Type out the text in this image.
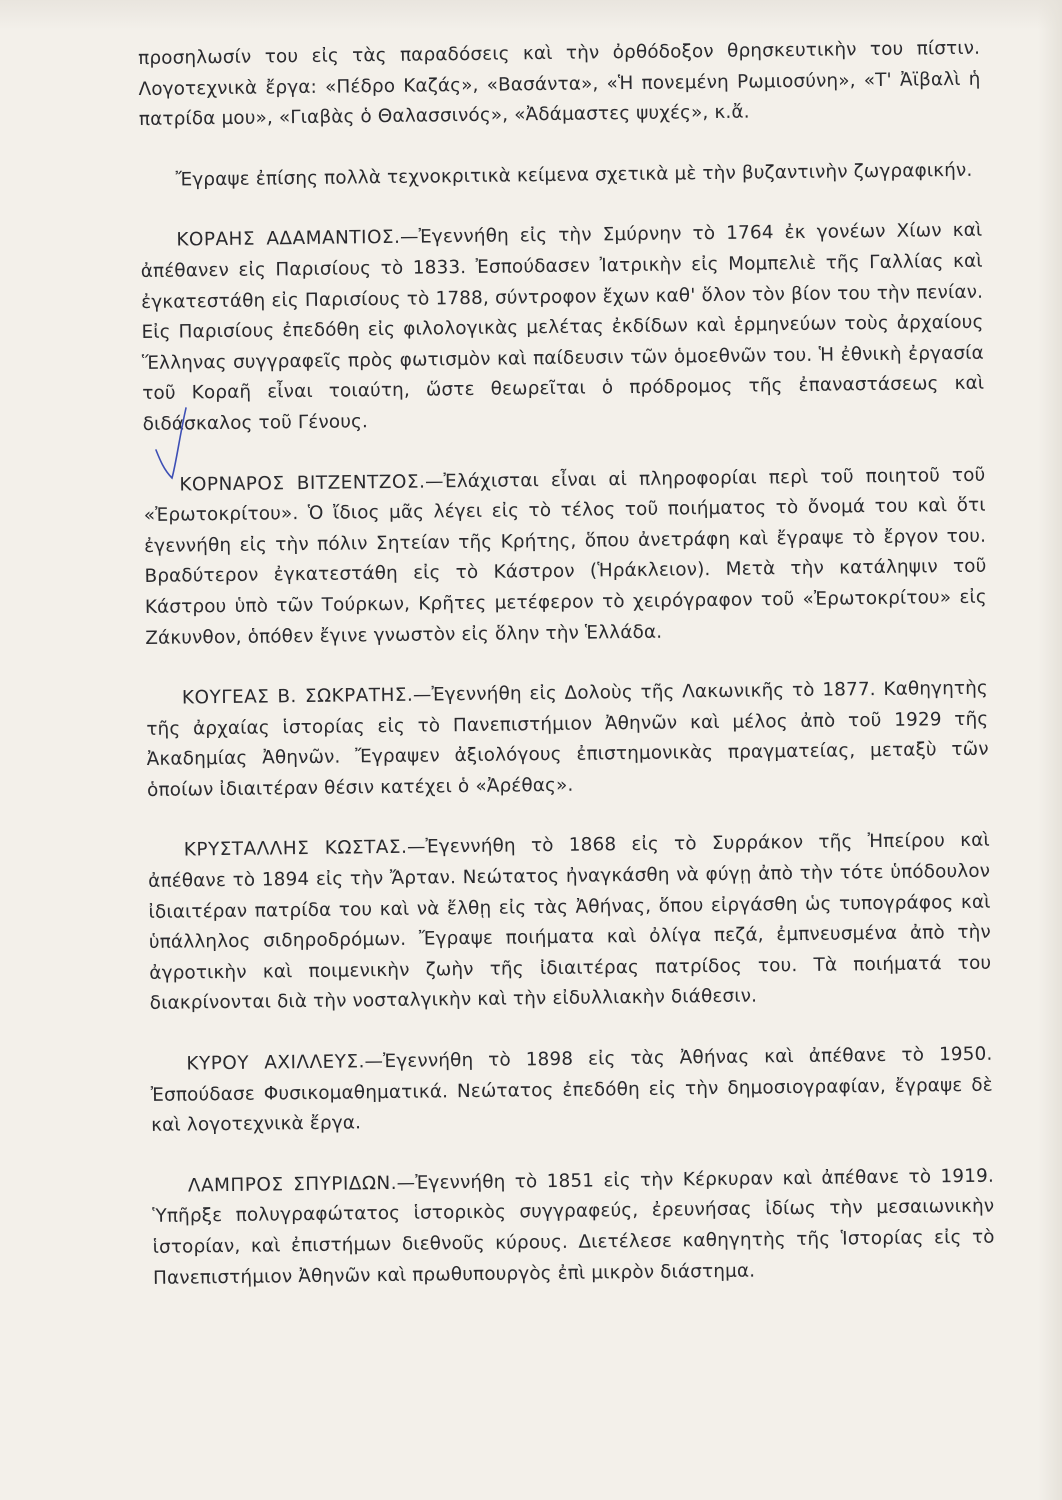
προσηλωσίν του εἰς τὰς παραδόσεις καὶ τὴν ὀρθόδοξον θρησκευτικὴν του πίστιν. Λογοτεχνικὰ ἔργα: «Πέδρο Καζάς», «Βασάντα», «Ἡ πονεμένη Ρωμιοσύνη», «Τ' Ἀϊβαλὶ ἡ πατρίδα μου», «Γιαβὰς ὁ Θαλασσινός», «Ἀδάμαστες ψυχές», κ.ἄ.

Ἔγραψε ἐπίσης πολλὰ τεχνοκριτικὰ κείμενα σχετικὰ μὲ τὴν βυζαντινὴν ζωγραφικήν.

ΚΟΡΑΗΣ ΑΔΑΜΑΝΤΙΟΣ.—Ἐγεννήθη εἰς τὴν Σμύρνην τὸ 1764 ἐκ γονέων Χίων καὶ ἀπέθανεν εἰς Παρισίους τὸ 1833. Ἐσπούδασεν Ἰατρικὴν εἰς Μομπελιὲ τῆς Γαλλίας καὶ ἐγκατεστάθη εἰς Παρισίους τὸ 1788, σύντροφον ἔχων καθ' ὅλον τὸν βίον του τὴν πενίαν. Εἰς Παρισίους ἐπεδόθη εἰς φιλολογικὰς μελέτας ἐκδίδων καὶ ἑρμηνεύων τοὺς ἀρχαίους Ἕλληνας συγγραφεῖς πρὸς φωτισμὸν καὶ παίδευσιν τῶν ὁμοεθνῶν του. Ἡ ἐθνικὴ ἐργασία τοῦ Κοραῆ εἶναι τοιαύτη, ὥστε θεωρεῖται ὁ πρόδρομος τῆς ἐπαναστάσεως καὶ διδάσκαλος τοῦ Γένους.

ΚΟΡΝΑΡΟΣ ΒΙΤΖΕΝΤΖΟΣ.—Ἐλάχισται εἶναι αἱ πληροφορίαι περὶ τοῦ ποιητοῦ τοῦ «Ἐρωτοκρίτου». Ὁ ἴδιος μᾶς λέγει εἰς τὸ τέλος τοῦ ποιήματος τὸ ὄνομά του καὶ ὅτι ἐγεννήθη εἰς τὴν πόλιν Σητείαν τῆς Κρήτης, ὅπου ἀνετράφη καὶ ἔγραψε τὸ ἔργον του. Βραδύτερον ἐγκατεστάθη εἰς τὸ Κάστρον (Ἡράκλειον). Μετὰ τὴν κατάληψιν τοῦ Κάστρου ὑπὸ τῶν Τούρκων, Κρῆτες μετέφερον τὸ χειρόγραφον τοῦ «Ἐρωτοκρίτου» εἰς Ζάκυνθον, ὁπόθεν ἔγινε γνωστὸν εἰς ὅλην τὴν Ἑλλάδα.

ΚΟΥΓΕΑΣ Β. ΣΩΚΡΑΤΗΣ.—Ἐγεννήθη εἰς Δολοὺς τῆς Λακωνικῆς τὸ 1877. Καθηγητὴς τῆς ἀρχαίας ἱστορίας εἰς τὸ Πανεπιστήμιον Ἀθηνῶν καὶ μέλος ἀπὸ τοῦ 1929 τῆς Ἀκαδημίας Ἀθηνῶν. Ἔγραψεν ἀξιολόγους ἐπιστημονικὰς πραγματείας, μεταξὺ τῶν ὁποίων ἰδιαιτέραν θέσιν κατέχει ὁ «Ἀρέθας».

ΚΡΥΣΤΑΛΛΗΣ ΚΩΣΤΑΣ.—Ἐγεννήθη τὸ 1868 εἰς τὸ Συρράκον τῆς Ἠπείρου καὶ ἀπέθανε τὸ 1894 εἰς τὴν Ἄρταν. Νεώτατος ἠναγκάσθη νὰ φύγῃ ἀπὸ τὴν τότε ὑπόδουλον ἰδιαιτέραν πατρίδα του καὶ νὰ ἔλθῃ εἰς τὰς Ἀθήνας, ὅπου εἰργάσθη ὡς τυπογράφος καὶ ὑπάλληλος σιδηροδρόμων. Ἔγραψε ποιήματα καὶ ὀλίγα πεζά, ἐμπνευσμένα ἀπὸ τὴν ἀγροτικὴν καὶ ποιμενικὴν ζωὴν τῆς ἰδιαιτέρας πατρίδος του. Τὰ ποιήματά του διακρίνονται διὰ τὴν νοσταλγικὴν καὶ τὴν εἰδυλλιακὴν διάθεσιν.

ΚΥΡΟΥ ΑΧΙΛΛΕΥΣ.—Ἐγεννήθη τὸ 1898 εἰς τὰς Ἀθήνας καὶ ἀπέθανε τὸ 1950. Ἐσπούδασε Φυσικομαθηματικά. Νεώτατος ἐπεδόθη εἰς τὴν δημοσιογραφίαν, ἔγραψε δὲ καὶ λογοτεχνικὰ ἔργα.

ΛΑΜΠΡΟΣ ΣΠΥΡΙΔΩΝ.—Ἐγεννήθη τὸ 1851 εἰς τὴν Κέρκυραν καὶ ἀπέθανε τὸ 1919. Ὑπῆρξε πολυγραφώτατος ἱστορικὸς συγγραφεύς, ἐρευνήσας ἰδίως τὴν μεσαιωνικὴν ἱστορίαν, καὶ ἐπιστήμων διεθνοῦς κύρους. Διετέλεσε καθηγητὴς τῆς Ἱστορίας εἰς τὸ Πανεπιστήμιον Ἀθηνῶν καὶ πρωθυπουργὸς ἐπὶ μικρὸν διάστημα.
